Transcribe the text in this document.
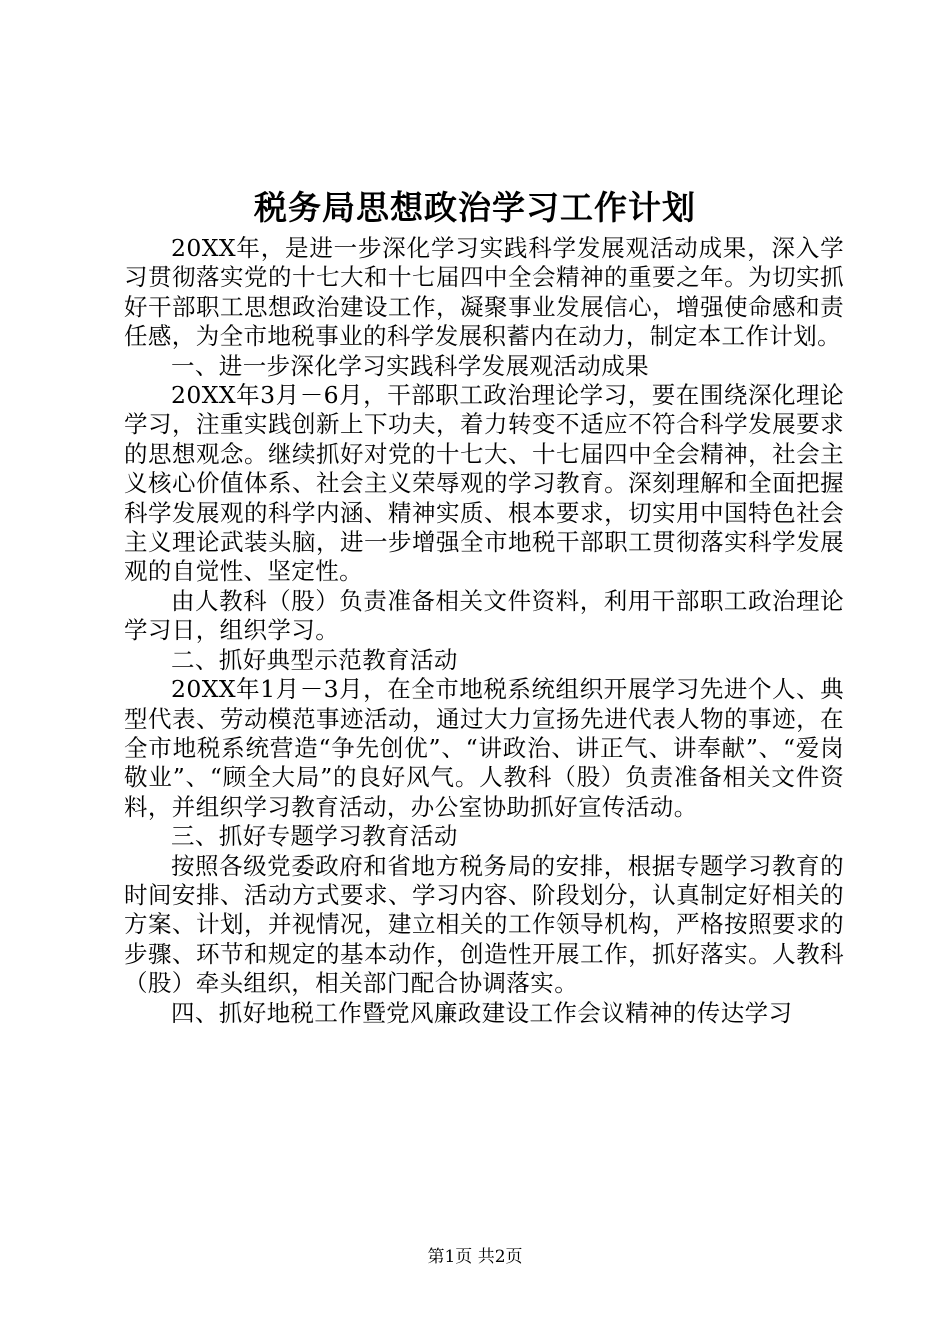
税务局思想政治学习工作计划

20XX年，是进一步深化学习实践科学发展观活动成果，深入学习贯彻落实党的十七大和十七届四中全会精神的重要之年。为切实抓好干部职工思想政治建设工作，凝聚事业发展信心，增强使命感和责任感，为全市地税事业的科学发展积蓄内在动力，制定本工作计划。

一、进一步深化学习实践科学发展观活动成果

20XX年3月－6月，干部职工政治理论学习，要在围绕深化理论学习，注重实践创新上下功夫，着力转变不适应不符合科学发展要求的思想观念。继续抓好对党的十七大、十七届四中全会精神，社会主义核心价值体系、社会主义荣辱观的学习教育。深刻理解和全面把握科学发展观的科学内涵、精神实质、根本要求，切实用中国特色社会主义理论武装头脑，进一步增强全市地税干部职工贯彻落实科学发展观的自觉性、坚定性。

由人教科（股）负责准备相关文件资料，利用干部职工政治理论学习日，组织学习。

二、抓好典型示范教育活动

20XX年1月－3月，在全市地税系统组织开展学习先进个人、典型代表、劳动模范事迹活动，通过大力宣扬先进代表人物的事迹，在全市地税系统营造“争先创优”、“讲政治、讲正气、讲奉献”、“爱岗敬业”、“顾全大局”的良好风气。人教科（股）负责准备相关文件资料，并组织学习教育活动，办公室协助抓好宣传活动。

三、抓好专题学习教育活动

按照各级党委政府和省地方税务局的安排，根据专题学习教育的时间安排、活动方式要求、学习内容、阶段划分，认真制定好相关的方案、计划，并视情况，建立相关的工作领导机构，严格按照要求的步骤、环节和规定的基本动作，创造性开展工作，抓好落实。人教科（股）牵头组织，相关部门配合协调落实。

四、抓好地税工作暨党风廉政建设工作会议精神的传达学习

第1页 共2页
